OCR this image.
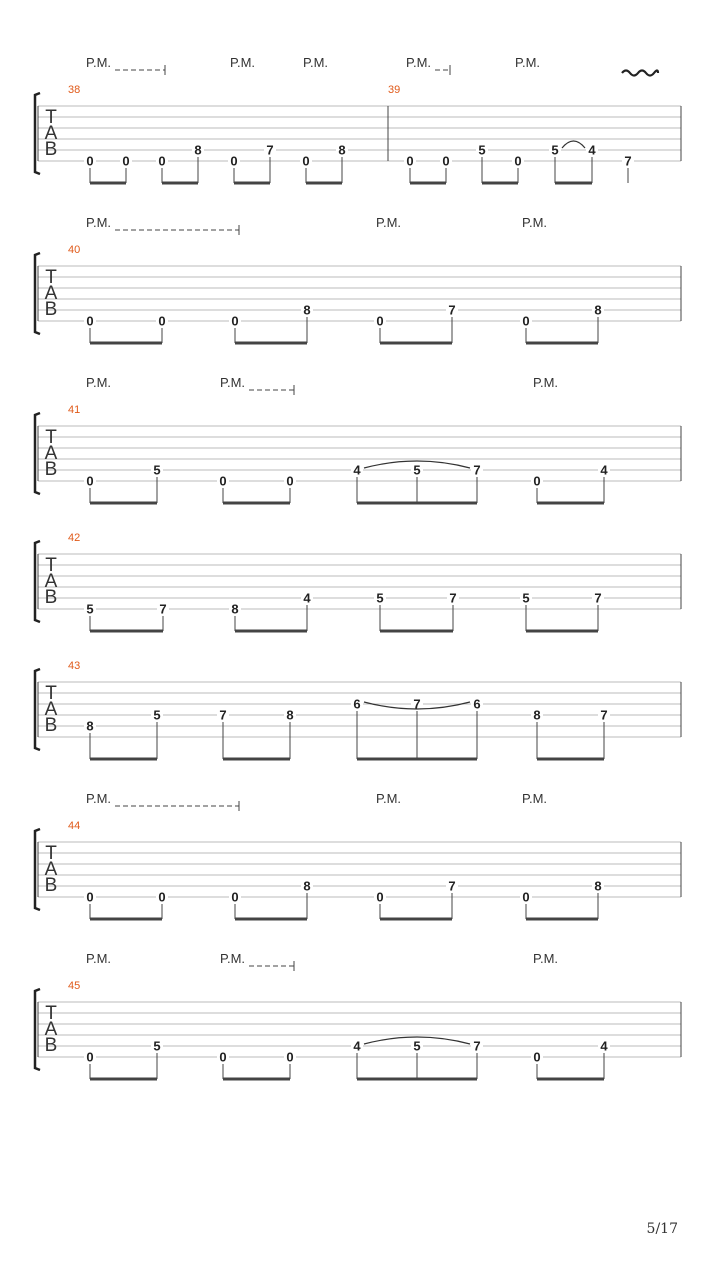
T
A
B
38	39
P.M.	P.M.	P.M.	P.M.	P.M.
0 0 0
8
0
7
0
8
0 0
5
0
5 4
7
T
A
B
40
P.M.	P.M.	P.M.
0	0	0
8
0
7
0
8
T
A
B
41
P.M.	P.M.	P.M.
0
5
0	0
4	5	7
0
4
T
A
B
42
5	7	8
4	5	7	5	7
T
A
B
43
8
5	7	8
6	7	6
8	7
T
A
B
44
P.M.	P.M.	P.M.
0	0	0
8
0
7
0
8
T
A
B
45
P.M.	P.M.	P.M.
0
5
0	0
4	5	7
0
4
5/17
